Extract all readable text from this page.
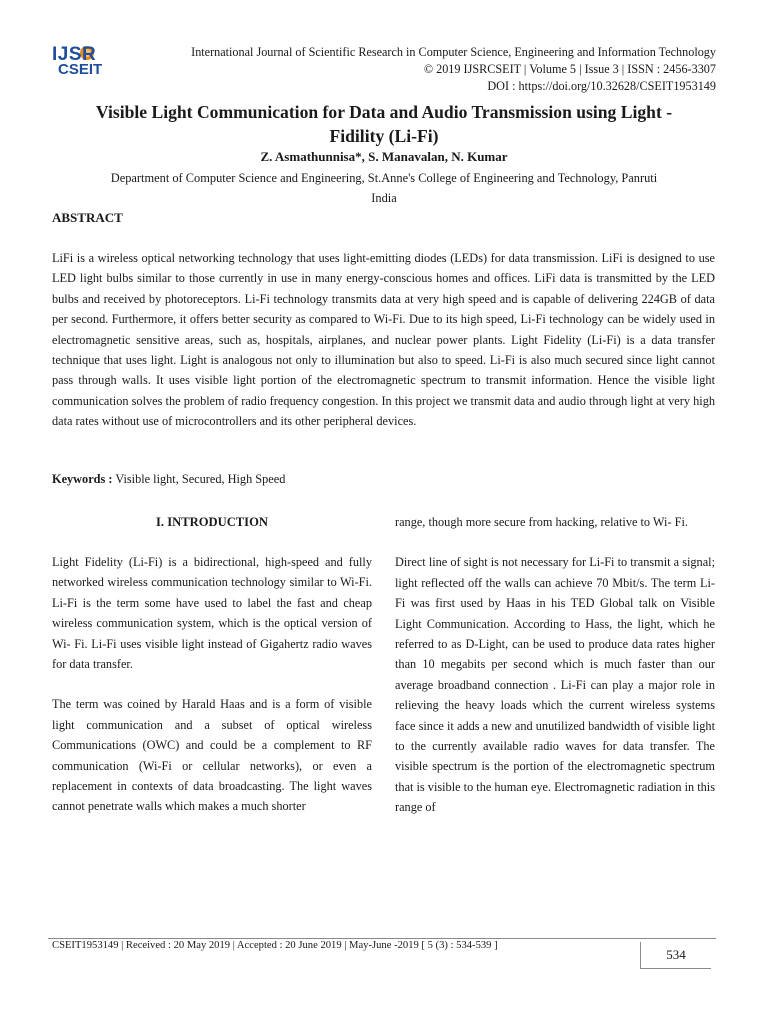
IJSR
CSEIT
International Journal of Scientific Research in Computer Science, Engineering and Information Technology
© 2019 IJSRCSEIT | Volume 5 | Issue 3 | ISSN : 2456-3307
DOI : https://doi.org/10.32628/CSEIT1953149
Visible Light Communication for Data and Audio Transmission using Light -
Fidility (Li-Fi)
Z. Asmathunnisa*, S. Manavalan, N. Kumar
Department of Computer Science and Engineering, St.Anne's College of Engineering and Technology, Panruti
India
ABSTRACT

LiFi is a wireless optical networking technology that uses light-emitting diodes (LEDs) for data transmission. LiFi is designed to use LED light bulbs similar to those currently in use in many energy-conscious homes and offices. LiFi data is transmitted by the LED bulbs and received by photoreceptors. Li-Fi technology transmits data at very high speed and is capable of delivering 224GB of data per second. Furthermore, it offers better security as compared to Wi-Fi. Due to its high speed, Li-Fi technology can be widely used in electromagnetic sensitive areas, such as, hospitals, airplanes, and nuclear power plants. Light Fidelity (Li-Fi) is a data transfer technique that uses light. Light is analogous not only to illumination but also to speed. Li-Fi is also much secured since light cannot pass through walls. It uses visible light portion of the electromagnetic spectrum to transmit information. Hence the visible light communication solves the problem of radio frequency congestion. In this project we transmit data and audio through light at very high data rates without use of microcontrollers and its other peripheral devices.

Keywords : Visible light, Secured, High Speed
I. INTRODUCTION

Light Fidelity (Li-Fi) is a bidirectional, high-speed and fully networked wireless communication technology similar to Wi-Fi. Li-Fi is the term some have used to label the fast and cheap wireless communication system, which is the optical version of Wi- Fi. Li-Fi uses visible light instead of Gigahertz radio waves for data transfer.

The term was coined by Harald Haas and is a form of visible light communication and a subset of optical wireless Communications (OWC) and could be a complement to RF communication (Wi-Fi or cellular networks), or even a replacement in contexts of data broadcasting. The light waves cannot penetrate walls which makes a much shorter

range, though more secure from hacking, relative to Wi- Fi.

Direct line of sight is not necessary for Li-Fi to transmit a signal; light reflected off the walls can achieve 70 Mbit/s. The term Li-Fi was first used by Haas in his TED Global talk on Visible Light Communication. According to Hass, the light, which he referred to as D-Light, can be used to produce data rates higher than 10 megabits per second which is much faster than our average broadband connection . Li-Fi can play a major role in relieving the heavy loads which the current wireless systems face since it adds a new and unutilized bandwidth of visible light to the currently available radio waves for data transfer. The visible spectrum is the portion of the electromagnetic spectrum that is visible to the human eye. Electromagnetic radiation in this range of

CSEIT1953149 | Received : 20 May 2019 | Accepted : 20 June 2019 | May-June -2019 [ 5 (3) : 534-539 ]
534
